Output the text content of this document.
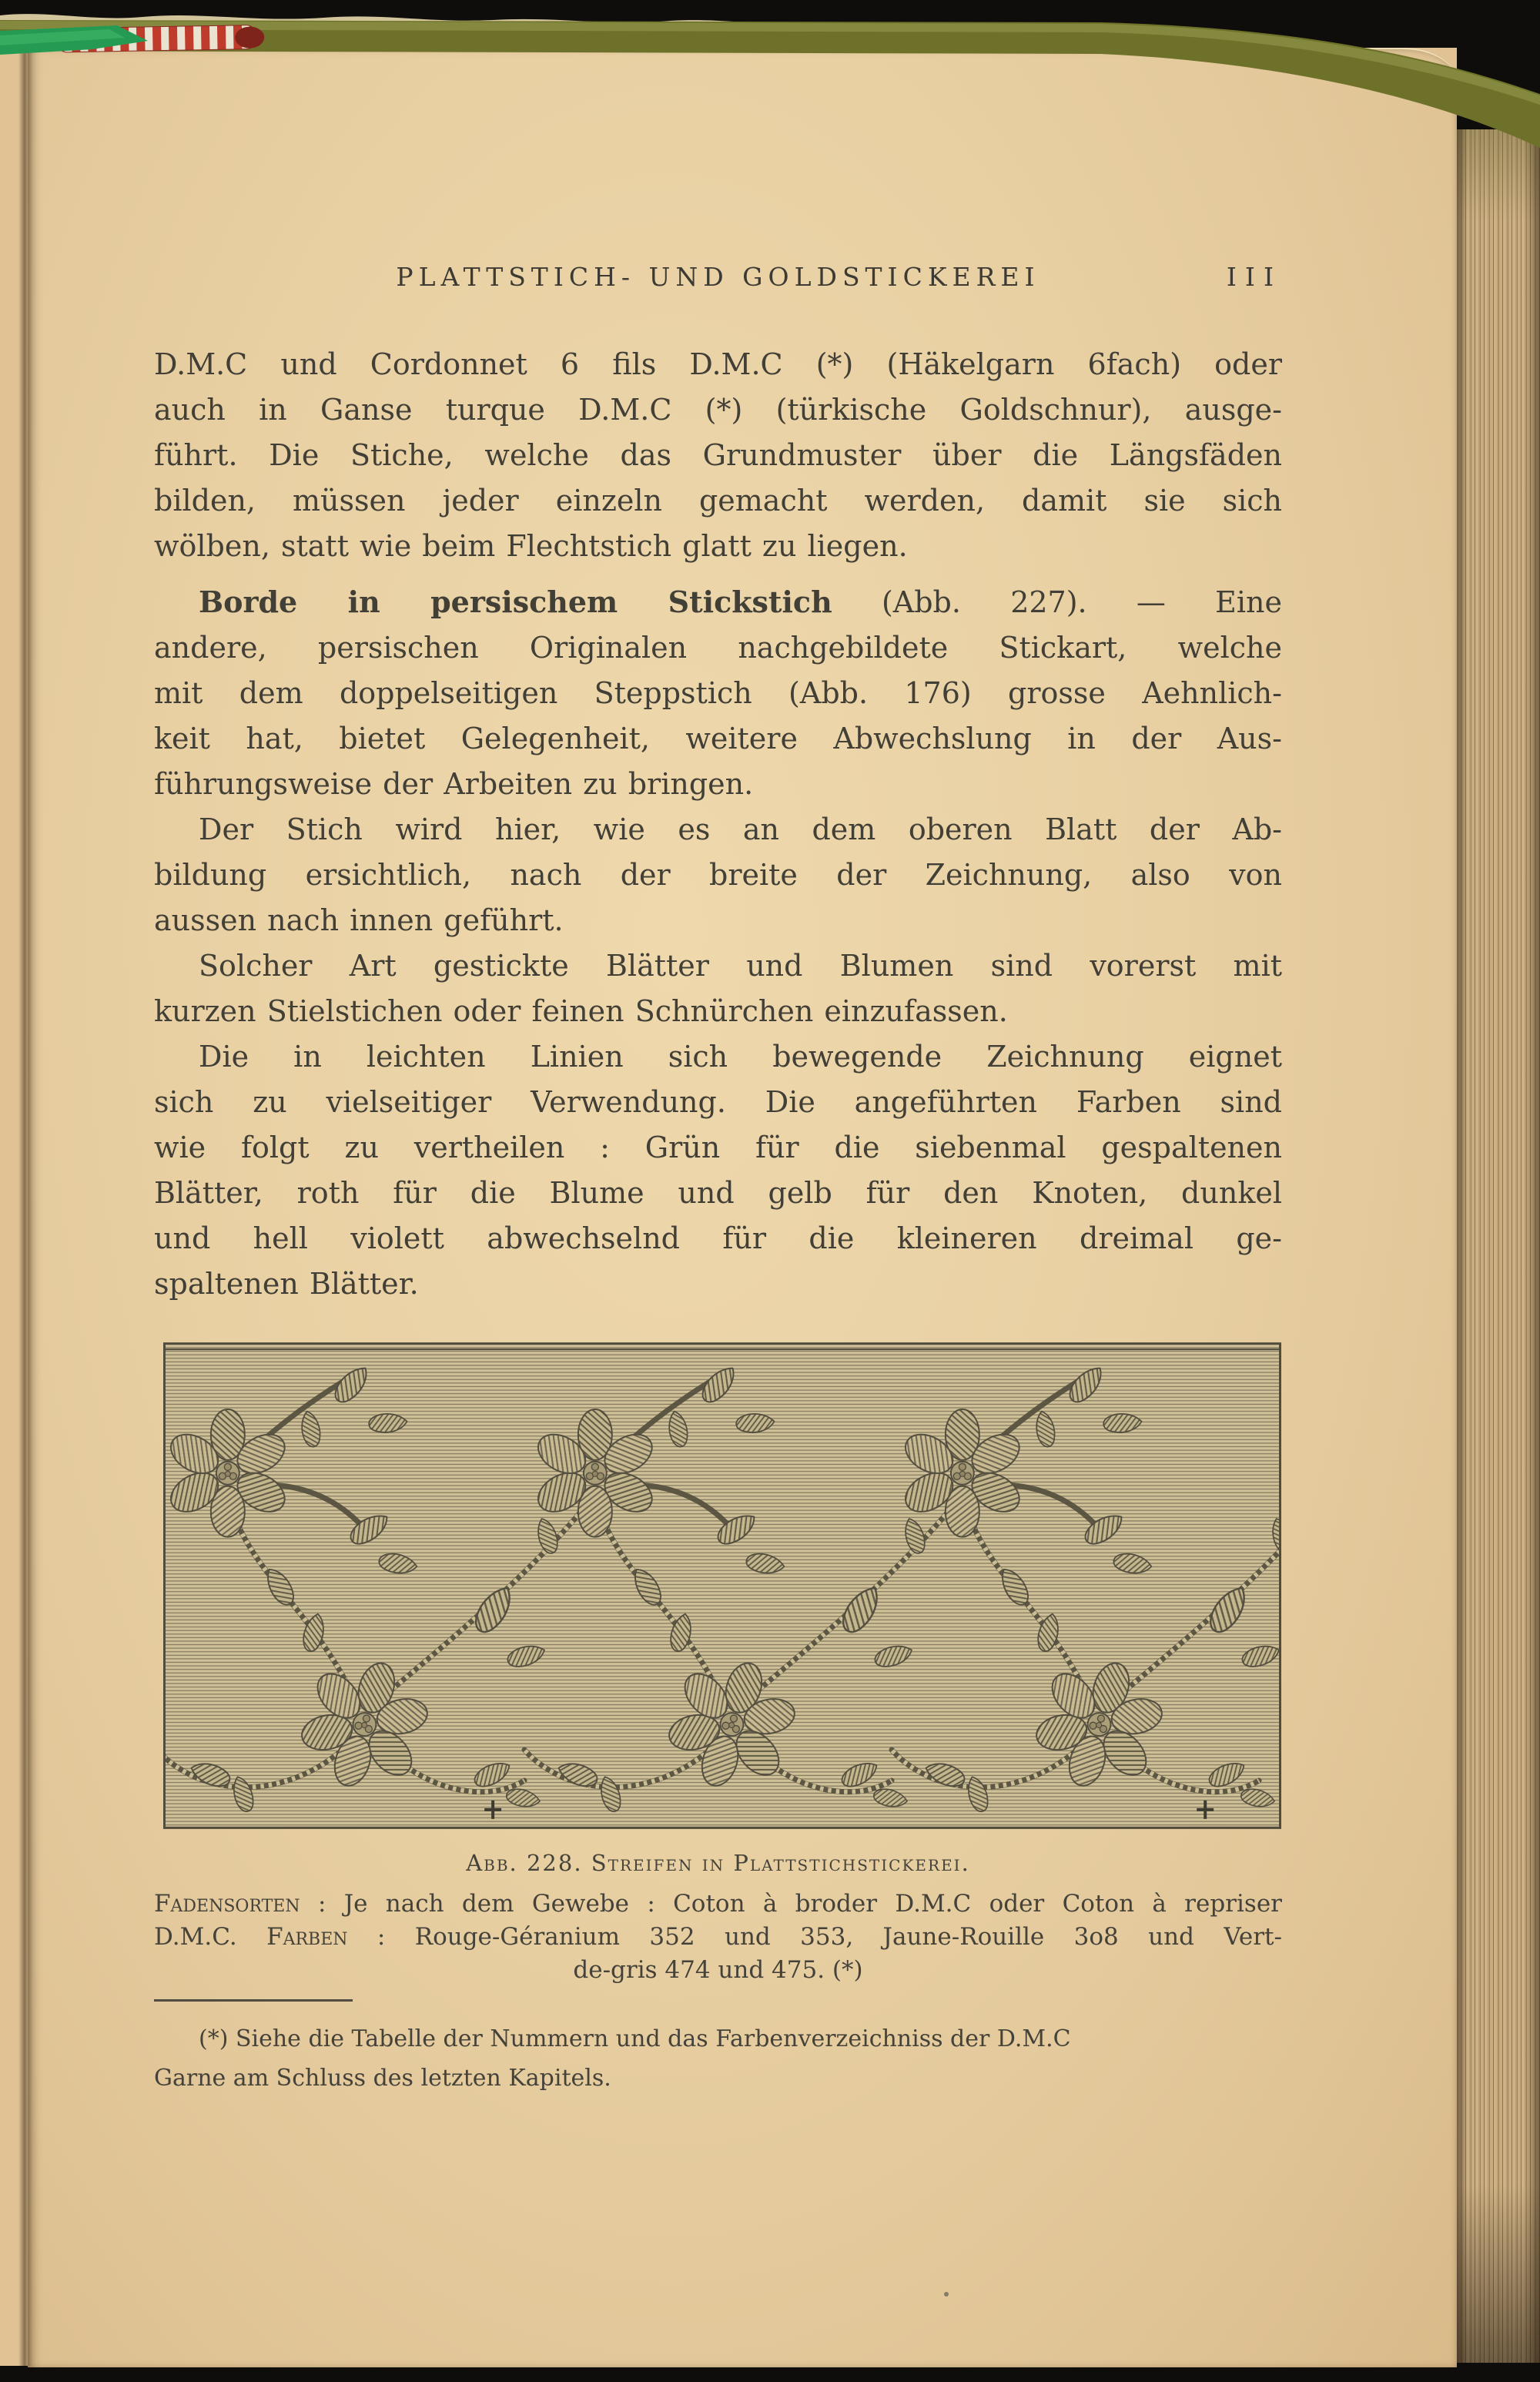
PLATTSTICH- UND GOLDSTICKEREI	III
D.M.C und Cordonnet 6 fils D.M.C (*) (Häkelgarn 6fach) oder
auch in Ganse turque D.M.C (*) (türkische Goldschnur), ausge-
führt. Die Stiche, welche das Grundmuster über die Längsfäden
bilden, müssen jeder einzeln gemacht werden, damit sie sich
wölben, statt wie beim Flechtstich glatt zu liegen.
Borde in persischem Stickstich (Abb. 227). — Eine
andere, persischen Originalen nachgebildete Stickart, welche
mit dem doppelseitigen Steppstich (Abb. 176) grosse Aehnlich-
keit hat, bietet Gelegenheit, weitere Abwechslung in der Aus-
führungsweise der Arbeiten zu bringen.
Der Stich wird hier, wie es an dem oberen Blatt der Ab-
bildung ersichtlich, nach der breite der Zeichnung, also von
aussen nach innen geführt.
Solcher Art gestickte Blätter und Blumen sind vorerst mit
kurzen Stielstichen oder feinen Schnürchen einzufassen.
Die in leichten Linien sich bewegende Zeichnung eignet
sich zu vielseitiger Verwendung. Die angeführten Farben sind
wie folgt zu vertheilen : Grün für die siebenmal gespaltenen
Blätter, roth für die Blume und gelb für den Knoten, dunkel
und hell violett abwechselnd für die kleineren dreimal ge-
spaltenen Blätter.
Abb. 228. Streifen in Plattstichstickerei.
Fadensorten : Je nach dem Gewebe : Coton à broder D.M.C oder Coton à repriser
D.M.C. Farben : Rouge-Géranium 352 und 353, Jaune-Rouille 3o8 und Vert-
de-gris 474 und 475. (*)
(*) Siehe die Tabelle der Nummern und das Farbenverzeichniss der D.M.C
Garne am Schluss des letzten Kapitels.
